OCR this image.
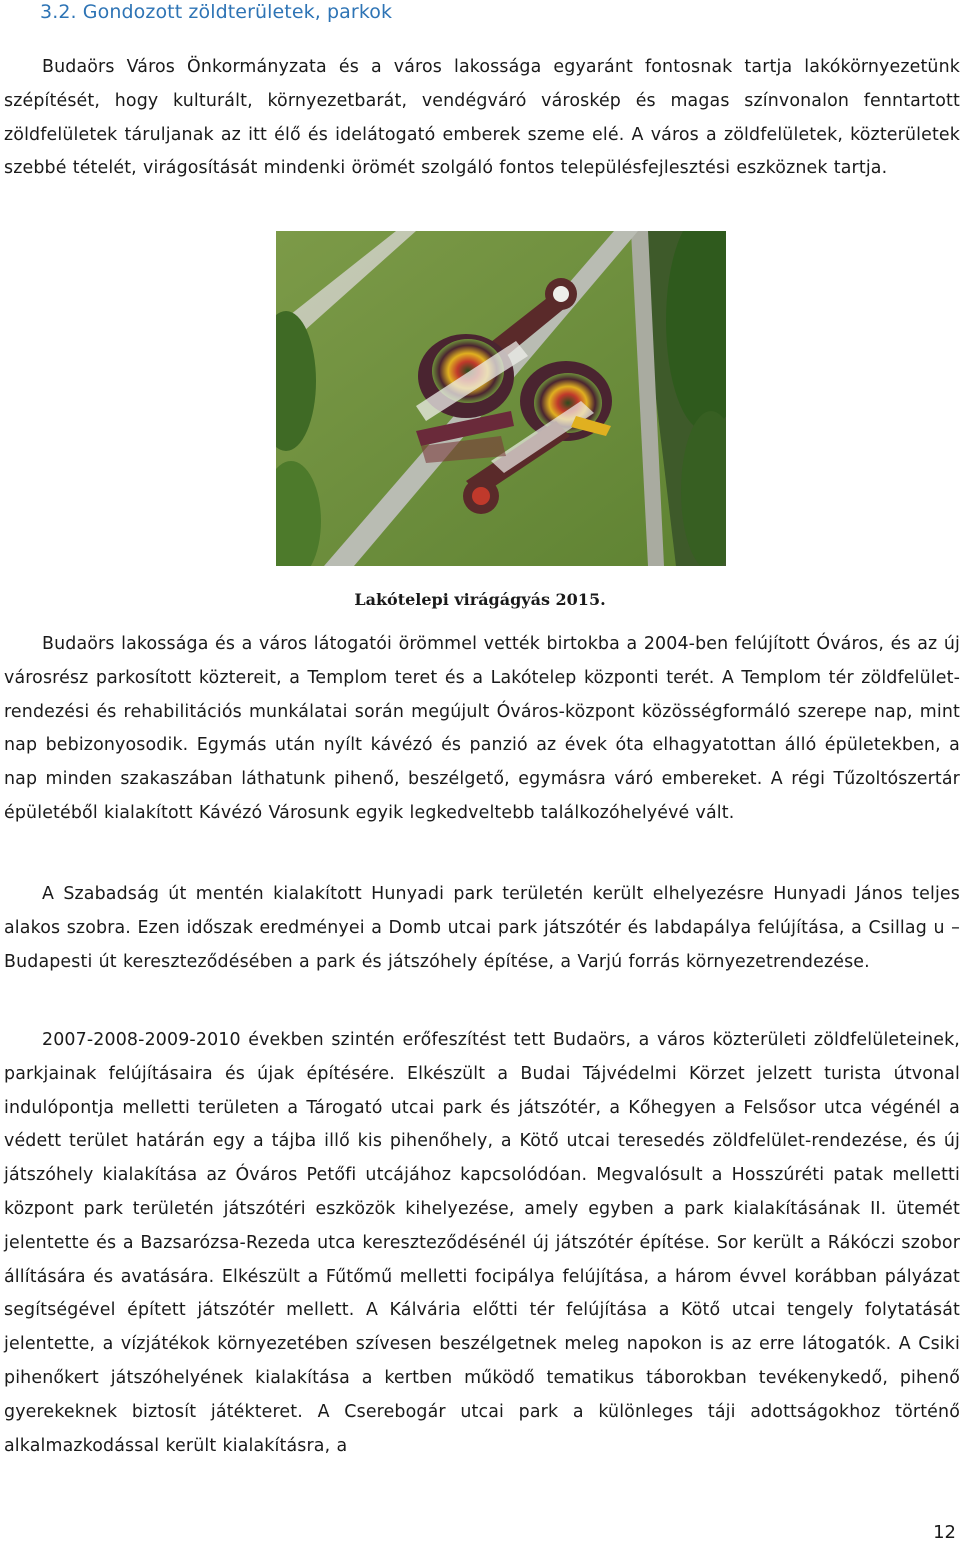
3.2. Gondozott zöldterületek, parkok

Budaörs Város Önkormányzata és a város lakossága egyaránt fontosnak tartja lakókörnyezetünk szépítését, hogy kulturált, környezetbarát, vendégváró városkép és magas színvonalon fenntartott zöldfelületek táruljanak az itt élő és idelátogató emberek szeme elé. A város a zöldfelületek, közterületek szebbé tételét, virágosítását mindenki örömét szolgáló fontos településfejlesztési eszköznek tartja.

Lakótelepi virágágyás 2015.

Budaörs lakossága és a város látogatói örömmel vették birtokba a 2004-ben felújított Óváros, és az új városrész parkosított köztereit, a Templom teret és a Lakótelep központi terét. A Templom tér zöldfelület-rendezési és rehabilitációs munkálatai során megújult Óváros-központ közösségformáló szerepe nap, mint nap bebizonyosodik. Egymás után nyílt kávézó és panzió az évek óta elhagyatottan álló épületekben, a nap minden szakaszában láthatunk pihenő, beszélgető, egymásra váró embereket. A régi Tűzoltószertár épületéből kialakított Kávézó Városunk egyik legkedveltebb találkozóhelyévé vált.

A Szabadság út mentén kialakított Hunyadi park területén került elhelyezésre Hunyadi János teljes alakos szobra. Ezen időszak eredményei a Domb utcai park játszótér és labdapálya felújítása, a Csillag u – Budapesti út kereszteződésében a park és játszóhely építése, a Varjú forrás környezetrendezése.

2007-2008-2009-2010 években szintén erőfeszítést tett Budaörs, a város közterületi zöldfelületeinek, parkjainak felújításaira és újak építésére. Elkészült a Budai Tájvédelmi Körzet jelzett turista útvonal indulópontja melletti területen a Tárogató utcai park és játszótér, a Kőhegyen a Felsősor utca végénél a védett terület határán egy a tájba illő kis pihenőhely, a Kötő utcai teresedés zöldfelület-rendezése, és új játszóhely kialakítása az Óváros Petőfi utcájához kapcsolódóan. Megvalósult a Hosszúréti patak melletti központ park területén játszótéri eszközök kihelyezése, amely egyben a park kialakításának II. ütemét jelentette és a Bazsarózsa-Rezeda utca kereszteződésénél új játszótér építése. Sor került a Rákóczi szobor állítására és avatására. Elkészült a Fűtőmű melletti focipálya felújítása, a három évvel korábban pályázat segítségével épített játszótér mellett. A Kálvária előtti tér felújítása a Kötő utcai tengely folytatását jelentette, a vízjátékok környezetében szívesen beszélgetnek meleg napokon is az erre látogatók. A Csiki pihenőkert játszóhelyének kialakítása a kertben működő tematikus táborokban tevékenykedő, pihenő gyerekeknek biztosít játékteret. A Cserebogár utcai park a különleges táji adottságokhoz történő alkalmazkodással került kialakításra, a

12
